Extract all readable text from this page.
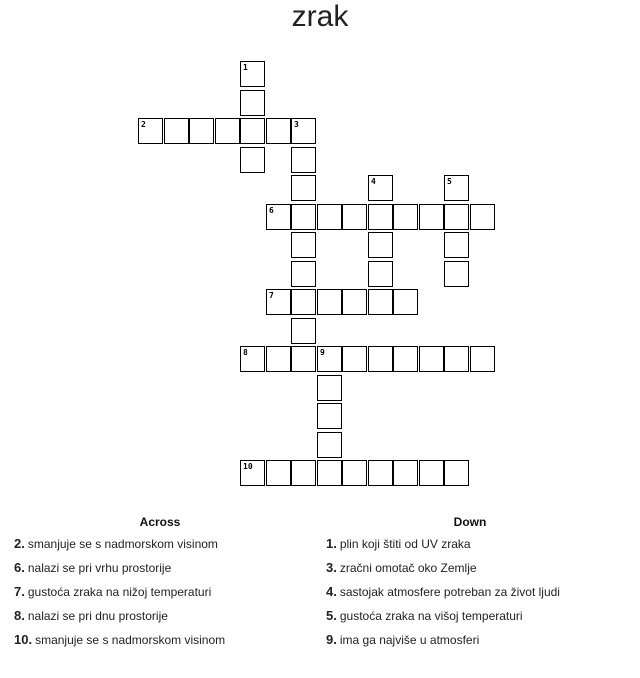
zrak
1
2	3
4	5
6
7
8	9
10
Across	Down
2. smanjuje se s nadmorskom visinom
6. nalazi se pri vrhu prostorije
7. gustoća zraka na nižoj temperaturi
8. nalazi se pri dnu prostorije
10. smanjuje se s nadmorskom visinom
1. plin koji štiti od UV zraka
3. zračni omotač oko Zemlje
4. sastojak atmosfere potreban za život ljudi
5. gustoća zraka na višoj temperaturi
9. ima ga najviše u atmosferi
